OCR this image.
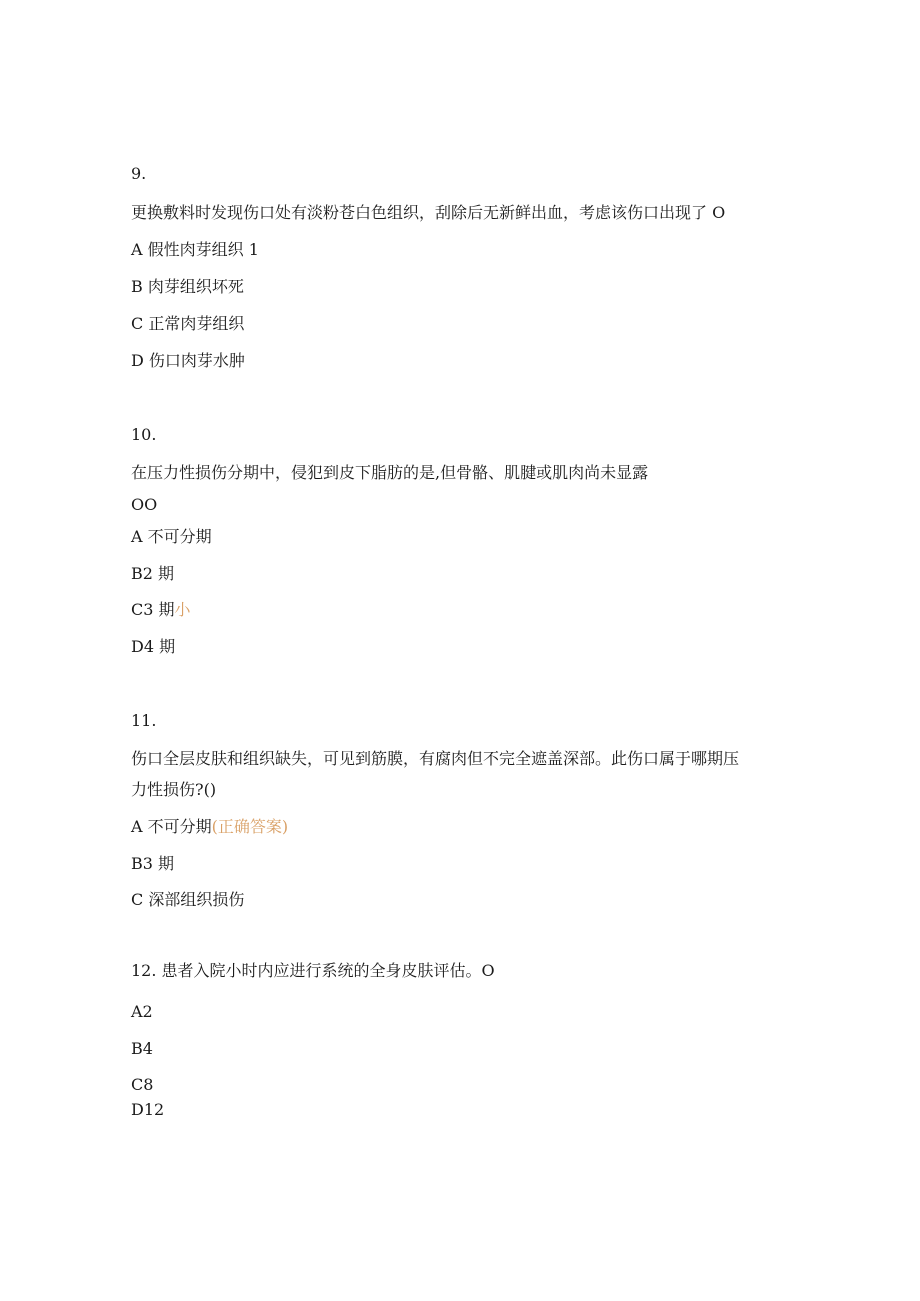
9.
更换敷料时发现伤口处有淡粉苍白色组织，刮除后无新鲜出血，考虑该伤口出现了 O
A 假性肉芽组织 1
B 肉芽组织坏死
C 正常肉芽组织
D 伤口肉芽水肿
10.
在压力性损伤分期中，侵犯到皮下脂肪的是,但骨骼、肌腱或肌肉尚未显露
OO
A 不可分期
B2 期
C3 期小
D4 期
11.
伤口全层皮肤和组织缺失，可见到筋膜，有腐肉但不完全遮盖深部。此伤口属于哪期压
力性损伤?()
A 不可分期(正确答案)
B3 期
C 深部组织损伤
12. 患者入院小时内应进行系统的全身皮肤评估。O
A2
B4
C8
D12
